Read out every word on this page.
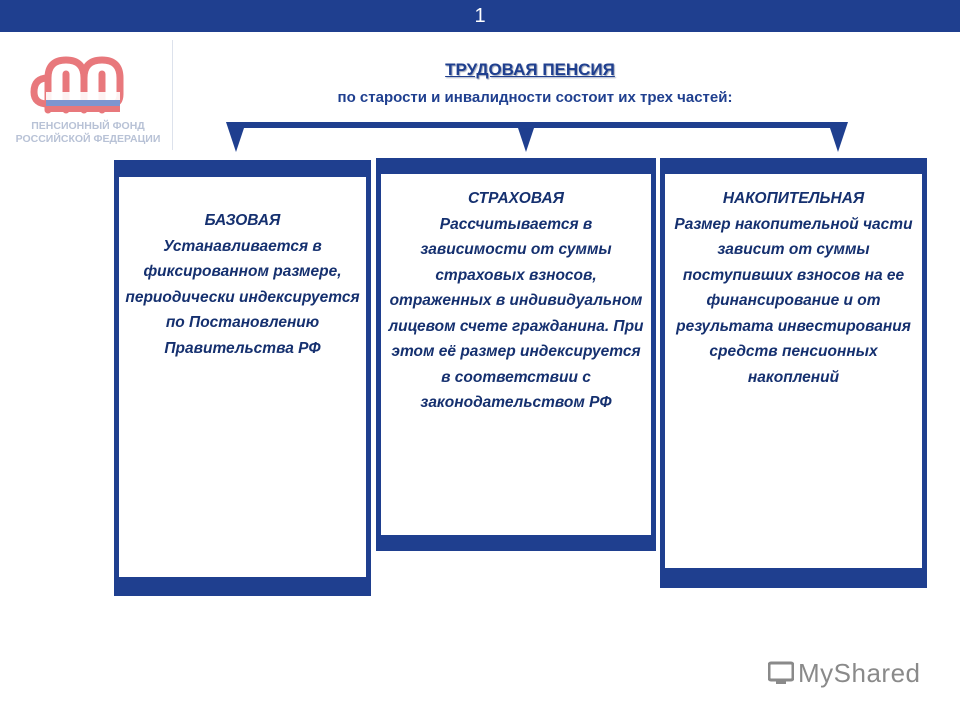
1
ПЕНСИОННЫЙ ФОНД
РОССИЙСКОЙ ФЕДЕРАЦИИ
ТРУДОВАЯ ПЕНСИЯ
по старости и инвалидности состоит их трех частей:
БАЗОВАЯ
Устанавливается в фиксированном размере, периодически индексируется по Постановлению Правительства РФ
СТРАХОВАЯ
Рассчитывается в зависимости от суммы страховых взносов, отраженных в индивидуальном лицевом счете гражданина. При этом её размер индексируется в соответствии с законодательством РФ
НАКОПИТЕЛЬНАЯ
Размер накопительной части зависит от суммы поступивших взносов на ее финансирование и от результата инвестирования средств пенсионных накоплений
MyShared
